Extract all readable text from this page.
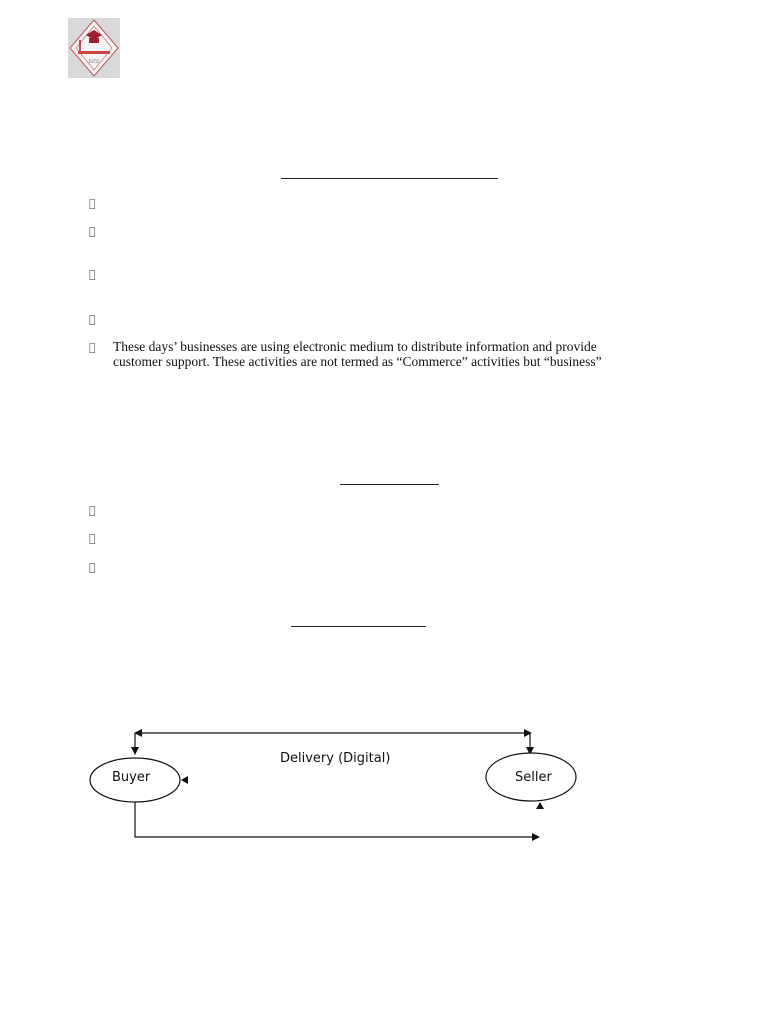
ESTD
These days’ businesses are using electronic medium to distribute information and provide
customer support. These activities are not termed as “Commerce” activities but “business”
Buyer	Seller
Delivery (Digital)
